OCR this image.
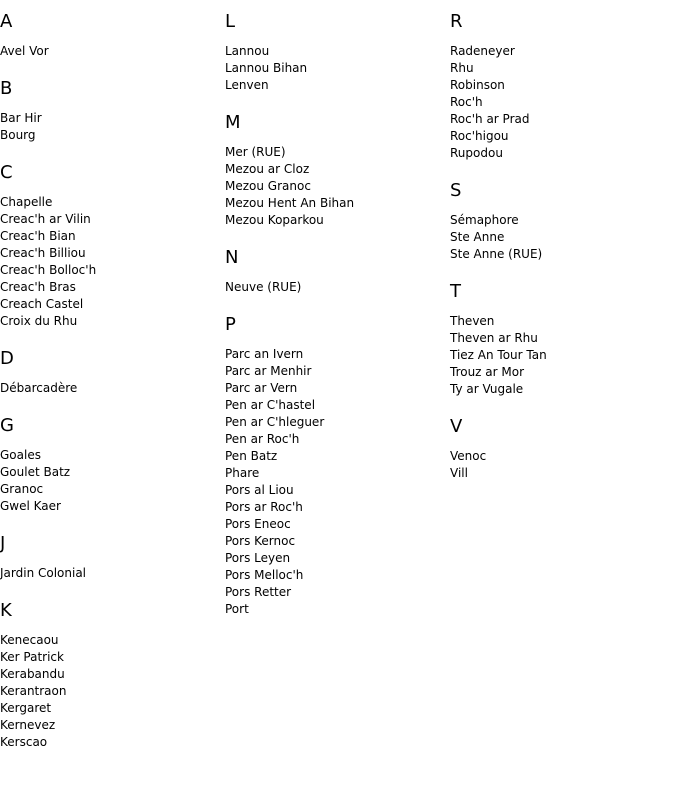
A
Avel Vor
B
Bar Hir
Bourg
C
Chapelle
Creac'h ar Vilin
Creac'h Bian
Creac'h Billiou
Creac'h Bolloc'h
Creac'h Bras
Creach Castel
Croix du Rhu
D
Débarcadère
G
Goales
Goulet Batz
Granoc
Gwel Kaer
J
Jardin Colonial
K
Kenecaou
Ker Patrick
Kerabandu
Kerantraon
Kergaret
Kernevez
Kerscao
L
Lannou
Lannou Bihan
Lenven
M
Mer (RUE)
Mezou ar Cloz
Mezou Granoc
Mezou Hent An Bihan
Mezou Koparkou
N
Neuve (RUE)
P
Parc an Ivern
Parc ar Menhir
Parc ar Vern
Pen ar C'hastel
Pen ar C'hleguer
Pen ar Roc'h
Pen Batz
Phare
Pors al Liou
Pors ar Roc'h
Pors Eneoc
Pors Kernoc
Pors Leyen
Pors Melloc'h
Pors Retter
Port
R
Radeneyer
Rhu
Robinson
Roc'h
Roc'h ar Prad
Roc'higou
Rupodou
S
Sémaphore
Ste Anne
Ste Anne (RUE)
T
Theven
Theven ar Rhu
Tiez An Tour Tan
Trouz ar Mor
Ty ar Vugale
V
Venoc
Vill
